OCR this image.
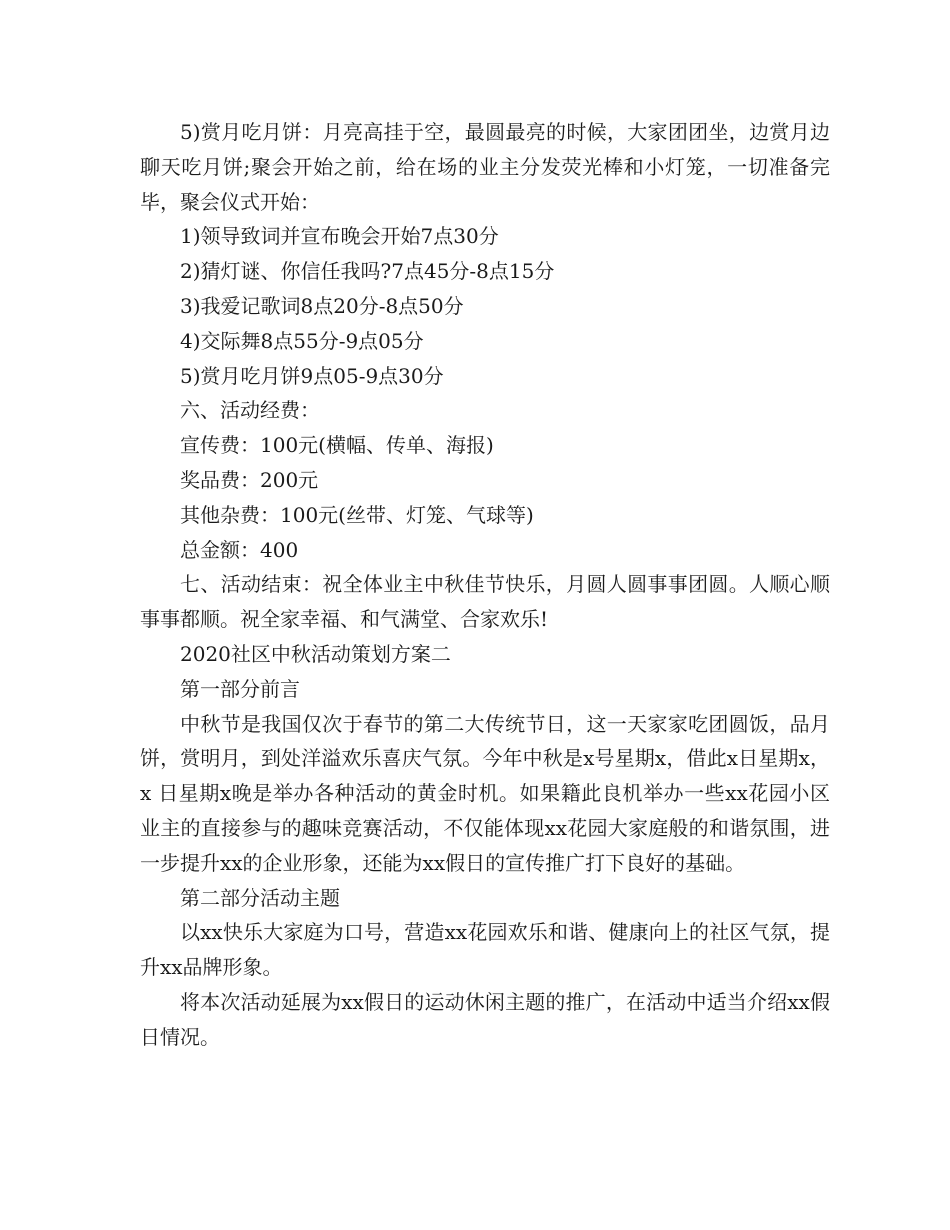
5)赏月吃月饼：月亮高挂于空，最圆最亮的时候，大家团团坐，边赏月边聊天吃月饼;聚会开始之前，给在场的业主分发荧光棒和小灯笼，一切准备完毕，聚会仪式开始：

1)领导致词并宣布晚会开始7点30分

2)猜灯谜、你信任我吗?7点45分-8点15分

3)我爱记歌词8点20分-8点50分

4)交际舞8点55分-9点05分

5)赏月吃月饼9点05-9点30分

六、活动经费：

宣传费：100元(横幅、传单、海报)

奖品费：200元

其他杂费：100元(丝带、灯笼、气球等)

总金额：400

七、活动结束：祝全体业主中秋佳节快乐，月圆人圆事事团圆。人顺心顺事事都顺。祝全家幸福、和气满堂、合家欢乐!

2020社区中秋活动策划方案二

第一部分前言

中秋节是我国仅次于春节的第二大传统节日，这一天家家吃团圆饭，品月饼，赏明月，到处洋溢欢乐喜庆气氛。今年中秋是x号星期x，借此x日星期x，x 日星期x晚是举办各种活动的黄金时机。如果籍此良机举办一些xx花园小区业主的直接参与的趣味竞赛活动，不仅能体现xx花园大家庭般的和谐氛围，进一步提升xx的企业形象，还能为xx假日的宣传推广打下良好的基础。

第二部分活动主题

以xx快乐大家庭为口号，营造xx花园欢乐和谐、健康向上的社区气氛，提升xx品牌形象。

将本次活动延展为xx假日的运动休闲主题的推广，在活动中适当介绍xx假日情况。
